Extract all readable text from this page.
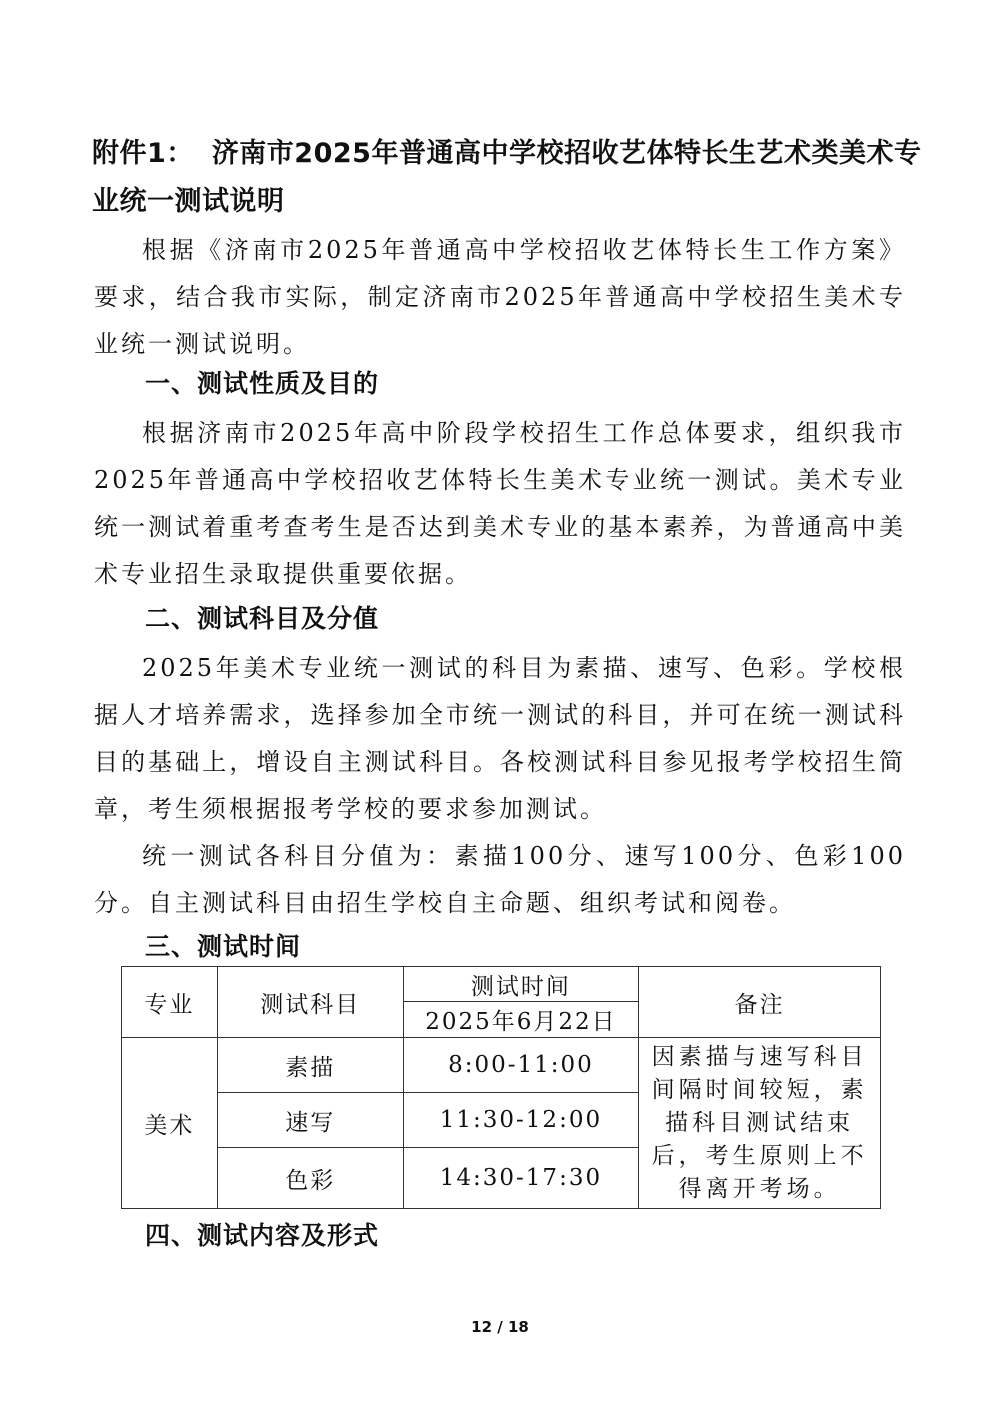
附件1： 济南市2025年普通高中学校招收艺体特长生艺术类美术专业统一测试说明

根据《济南市2025年普通高中学校招收艺体特长生工作方案》要求，结合我市实际，制定济南市2025年普通高中学校招生美术专业统一测试说明。

一、测试性质及目的

根据济南市2025年高中阶段学校招生工作总体要求，组织我市2025年普通高中学校招收艺体特长生美术专业统一测试。美术专业统一测试着重考查考生是否达到美术专业的基本素养，为普通高中美术专业招生录取提供重要依据。

二、测试科目及分值

2025年美术专业统一测试的科目为素描、速写、色彩。学校根据人才培养需求，选择参加全市统一测试的科目，并可在统一测试科目的基础上，增设自主测试科目。各校测试科目参见报考学校招生简章，考生须根据报考学校的要求参加测试。

统一测试各科目分值为：素描100分、速写100分、色彩100分。自主测试科目由招生学校自主命题、组织考试和阅卷。

三、测试时间
专业	测试科目	测试时间	备注
		2025年6月22日	
美术	素描	8:00-11:00	因素描与速写科目间隔时间较短，素描科目测试结束后，考生原则上不得离开考场。
	速写	11:30-12:00	
	色彩	14:30-17:30	
四、测试内容及形式
12 / 18
